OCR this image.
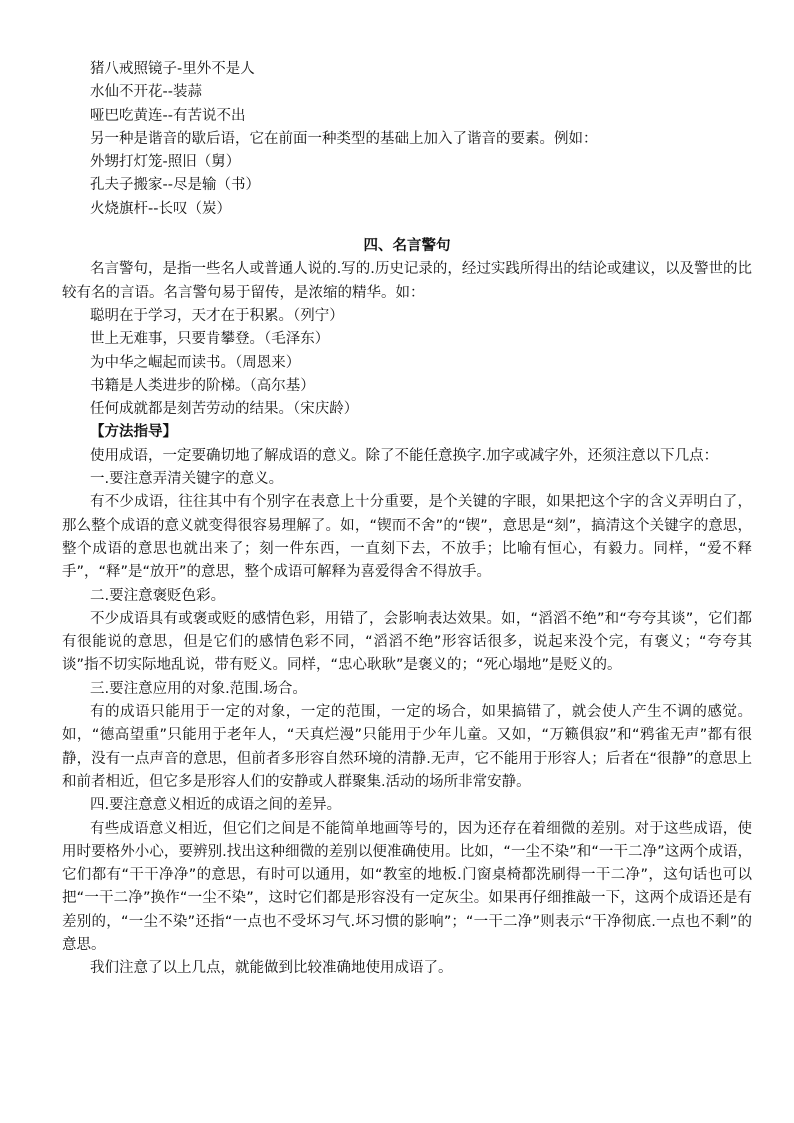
猪八戒照镜子-里外不是人
水仙不开花--装蒜
哑巴吃黄连--有苦说不出
另一种是谐音的歇后语，它在前面一种类型的基础上加入了谐音的要素。例如：
外甥打灯笼-照旧（舅）
孔夫子搬家--尽是输（书）
火烧旗杆--长叹（炭）
四、名言警句

名言警句，是指一些名人或普通人说的.写的.历史记录的，经过实践所得出的结论或建议，以及警世的比较有名的言语。名言警句易于留传，是浓缩的精华。如：

聪明在于学习，天才在于积累。（列宁）
世上无难事，只要肯攀登。（毛泽东）
为中华之崛起而读书。（周恩来）
书籍是人类进步的阶梯。（高尔基）
任何成就都是刻苦劳动的结果。（宋庆龄）
【方法指导】

使用成语，一定要确切地了解成语的意义。除了不能任意换字.加字或减字外，还须注意以下几点：

一.要注意弄清关键字的意义。

有不少成语，往往其中有个别字在表意上十分重要，是个关键的字眼，如果把这个字的含义弄明白了，那么整个成语的意义就变得很容易理解了。如，“锲而不舍”的“锲”，意思是“刻”，搞清这个关键字的意思，整个成语的意思也就出来了；刻一件东西，一直刻下去，不放手；比喻有恒心，有毅力。同样，“爱不释手”，“释”是“放开”的意思，整个成语可解释为喜爱得舍不得放手。

二.要注意褒贬色彩。

不少成语具有或褒或贬的感情色彩，用错了，会影响表达效果。如，“滔滔不绝”和“夸夸其谈”，它们都有很能说的意思，但是它们的感情色彩不同，“滔滔不绝”形容话很多，说起来没个完，有褒义；“夸夸其谈”指不切实际地乱说，带有贬义。同样，“忠心耿耿”是褒义的；“死心塌地”是贬义的。

三.要注意应用的对象.范围.场合。

有的成语只能用于一定的对象，一定的范围，一定的场合，如果搞错了，就会使人产生不调的感觉。如，“德高望重”只能用于老年人，“天真烂漫”只能用于少年儿童。又如，“万籁俱寂”和“鸦雀无声”都有很静，没有一点声音的意思，但前者多形容自然环境的清静.无声，它不能用于形容人；后者在“很静”的意思上和前者相近，但它多是形容人们的安静或人群聚集.活动的场所非常安静。

四.要注意意义相近的成语之间的差异。

有些成语意义相近，但它们之间是不能简单地画等号的，因为还存在着细微的差别。对于这些成语，使用时要格外小心，要辨别.找出这种细微的差别以便准确使用。比如，“一尘不染”和“一干二净”这两个成语，它们都有“干干净净”的意思，有时可以通用，如“教室的地板.门窗桌椅都洗刷得一干二净”，这句话也可以把“一干二净”换作“一尘不染”，这时它们都是形容没有一定灰尘。如果再仔细推敲一下，这两个成语还是有差别的，“一尘不染”还指“一点也不受坏习气.坏习惯的影响”；“一干二净”则表示“干净彻底.一点也不剩”的意思。

我们注意了以上几点，就能做到比较准确地使用成语了。
